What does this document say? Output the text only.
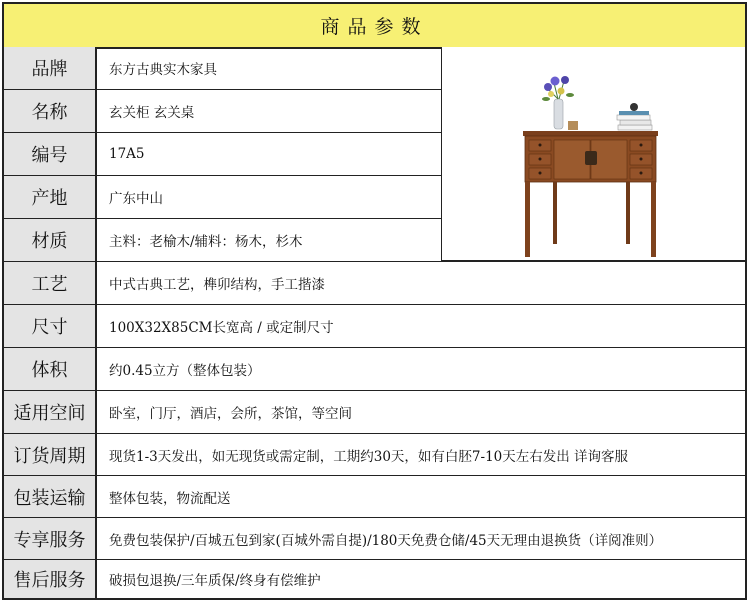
商品参数
品牌	东方古典实木家具
名称	玄关柜 玄关桌
编号	17A5
产地	广东中山
材质	主料：老榆木/辅料：杨木，杉木
工艺	中式古典工艺，榫卯结构，手工揩漆
尺寸	100X32X85CM长宽高 / 或定制尺寸
体积	约0.45立方（整体包装）
适用空间	卧室，门厅，酒店，会所，茶馆，等空间
订货周期	现货1-3天发出，如无现货或需定制，工期约30天，如有白胚7-10天左右发出 详询客服
包装运输	整体包装，物流配送
专享服务	免费包装保护/百城五包到家(百城外需自提)/180天免费仓储/45天无理由退换货（详阅准则）
售后服务	破损包退换/三年质保/终身有偿维护
